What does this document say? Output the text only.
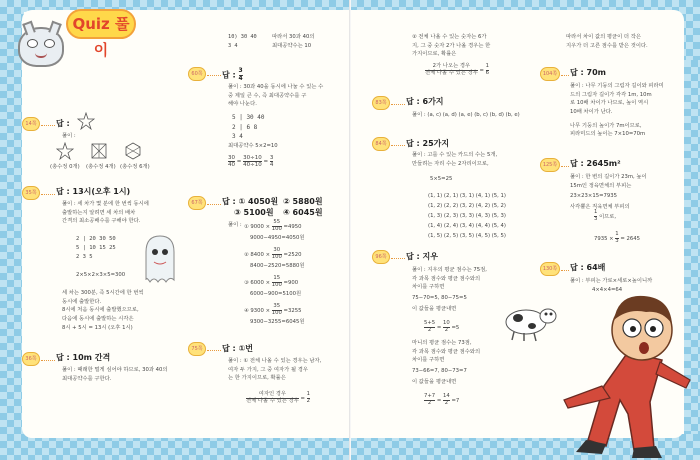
Quiz 풀이
14쪽	답 :
풀이 :
(총수정 0개) (총수정 4개) (총수정 6개)
35쪽	답 : 13시(오후 1시)

풀이 : 세 차가 몇 분에 한 번씩 동시에

출발하는지 알려면 세 차의 배차

간격의 최소공배수를 구해야 한다.

2 | 20 30 50

5 | 10 15 25

2 3 5

2×5×2×3×5=300

세 차는 300분, 즉 5시간에 한 번씩

동시에 출발한다.

8시에 처음 동시에 출발했으므로,

다음에 동시에 출발하는 시각은

8시 + 5시 = 13시 (오후 1시)

36쪽	답 : 10m 간격

풀이 : 때래한 멀게 심어야 하므로, 30과 40의

최대공약수를 구한다.

10) 30 40

3 4

따라서 30과 40의

최대공약수는 10

60쪽	답 : $\frac{3}{4}$

풀이 : 30과 40을 동시에 나눌 수 있는 수

중 제일 큰 수, 즉 최대공약수를 구

해야 나눈다.

5 | 30 40

2 | 6 8

3 4

최대공약수 5×2=10
$\frac{30}{40} = \frac{30\div 10}{40\div 10} = \frac{3}{4}$
67쪽	답 : ① 4050원 ② 5880원
③ 5100원 ④ 6045원
풀이 : ① $9000 \times \frac{55}{100} =4950$

9000−4950=4050원

② $8400 \times \frac{30}{100} =2520$

8400−2520=5880원

③ $6000 \times \frac{15}{100} =900$

6000−900=5100원

④ $9300 \times \frac{35}{100} =3255$

9300−3255=6045원

75쪽	답 : ①번

풀이 : ① 전체 나올 수 있는 경우는 남자,

여자 두 가지, 그 중 여자가 될 경우

는 한 가지이므로, 확률은

$\frac{\text{여자인 경우}}{\text{전체 나올 수 있는 경우}} = \frac{1}{2}$

② 전체 나올 수 있는 숫자는 6가

지, 그 중 숫자 2가 나올 경우는 한

가지이므로, 확률은

$\frac{\text{2가 나오는 경우}}{\text{전체 나올 수 있는 경우}} = \frac{1}{6}$
83쪽	답 : 6가지
풀이 : (a, c) (a, d) (a, e) (b, c) (b, d) (b, e)
84쪽	답 : 25가지

풀이 : 고를 수 있는 카드의 수는 5개,

만들려는 자리 수는 2자리이므로,

5×5=25

(1, 1) (2, 1) (3, 1) (4, 1) (5, 1)

(1, 2) (2, 2) (3, 2) (4, 2) (5, 2)

(1, 3) (2, 3) (3, 3) (4, 3) (5, 3)

(1, 4) (2, 4) (3, 4) (4, 4) (5, 4)

(1, 5) (2, 5) (3, 5) (4, 5) (5, 5)

96쪽	답 : 지우

풀이 : 지우의 평균 점수는 75점,

각 과목 점수와 평균 점수와의

차이를 구하면

75−70=5, 80−75=5

이 값들을 평균내면

$\frac{5+5}{2} = \frac{10}{2} =5$

마니의 평균 점수는 73점,

각 과목 점수와 평균 점수와의

차이를 구하면

73−66=7, 80−73=7

이 값들을 평균내면

$\frac{7+7}{2} = \frac{14}{2} =7$

따라서 차이 값의 평균이 더 작은

지우가 더 고른 점수를 받은 것이다.

104쪽	답 : 70m

풀이 : 나무 기둥의 그림자 길이와 피라미

드의 그림자 길이가 각각 1m, 10m

로 10배 차이가 나므로, 높이 역시

10배 차이가 난다.

나무 기둥의 높이가 7m이므로,

피라미드의 높이는 7×10=70m

125쪽	답 : 2645m²

풀이 : 한 변의 길이가 23m, 높이

15m인 정육면체의 부피는

23×23×15=7935

사각뿔은 직육면체 부피의

$\frac{1}{3}$ 이므로,
$7935 \times \frac{1}{3} = 2645$
130쪽	답 : 64배

풀이 : 부피는 가로×세로×높이니까

4×4×4=64
